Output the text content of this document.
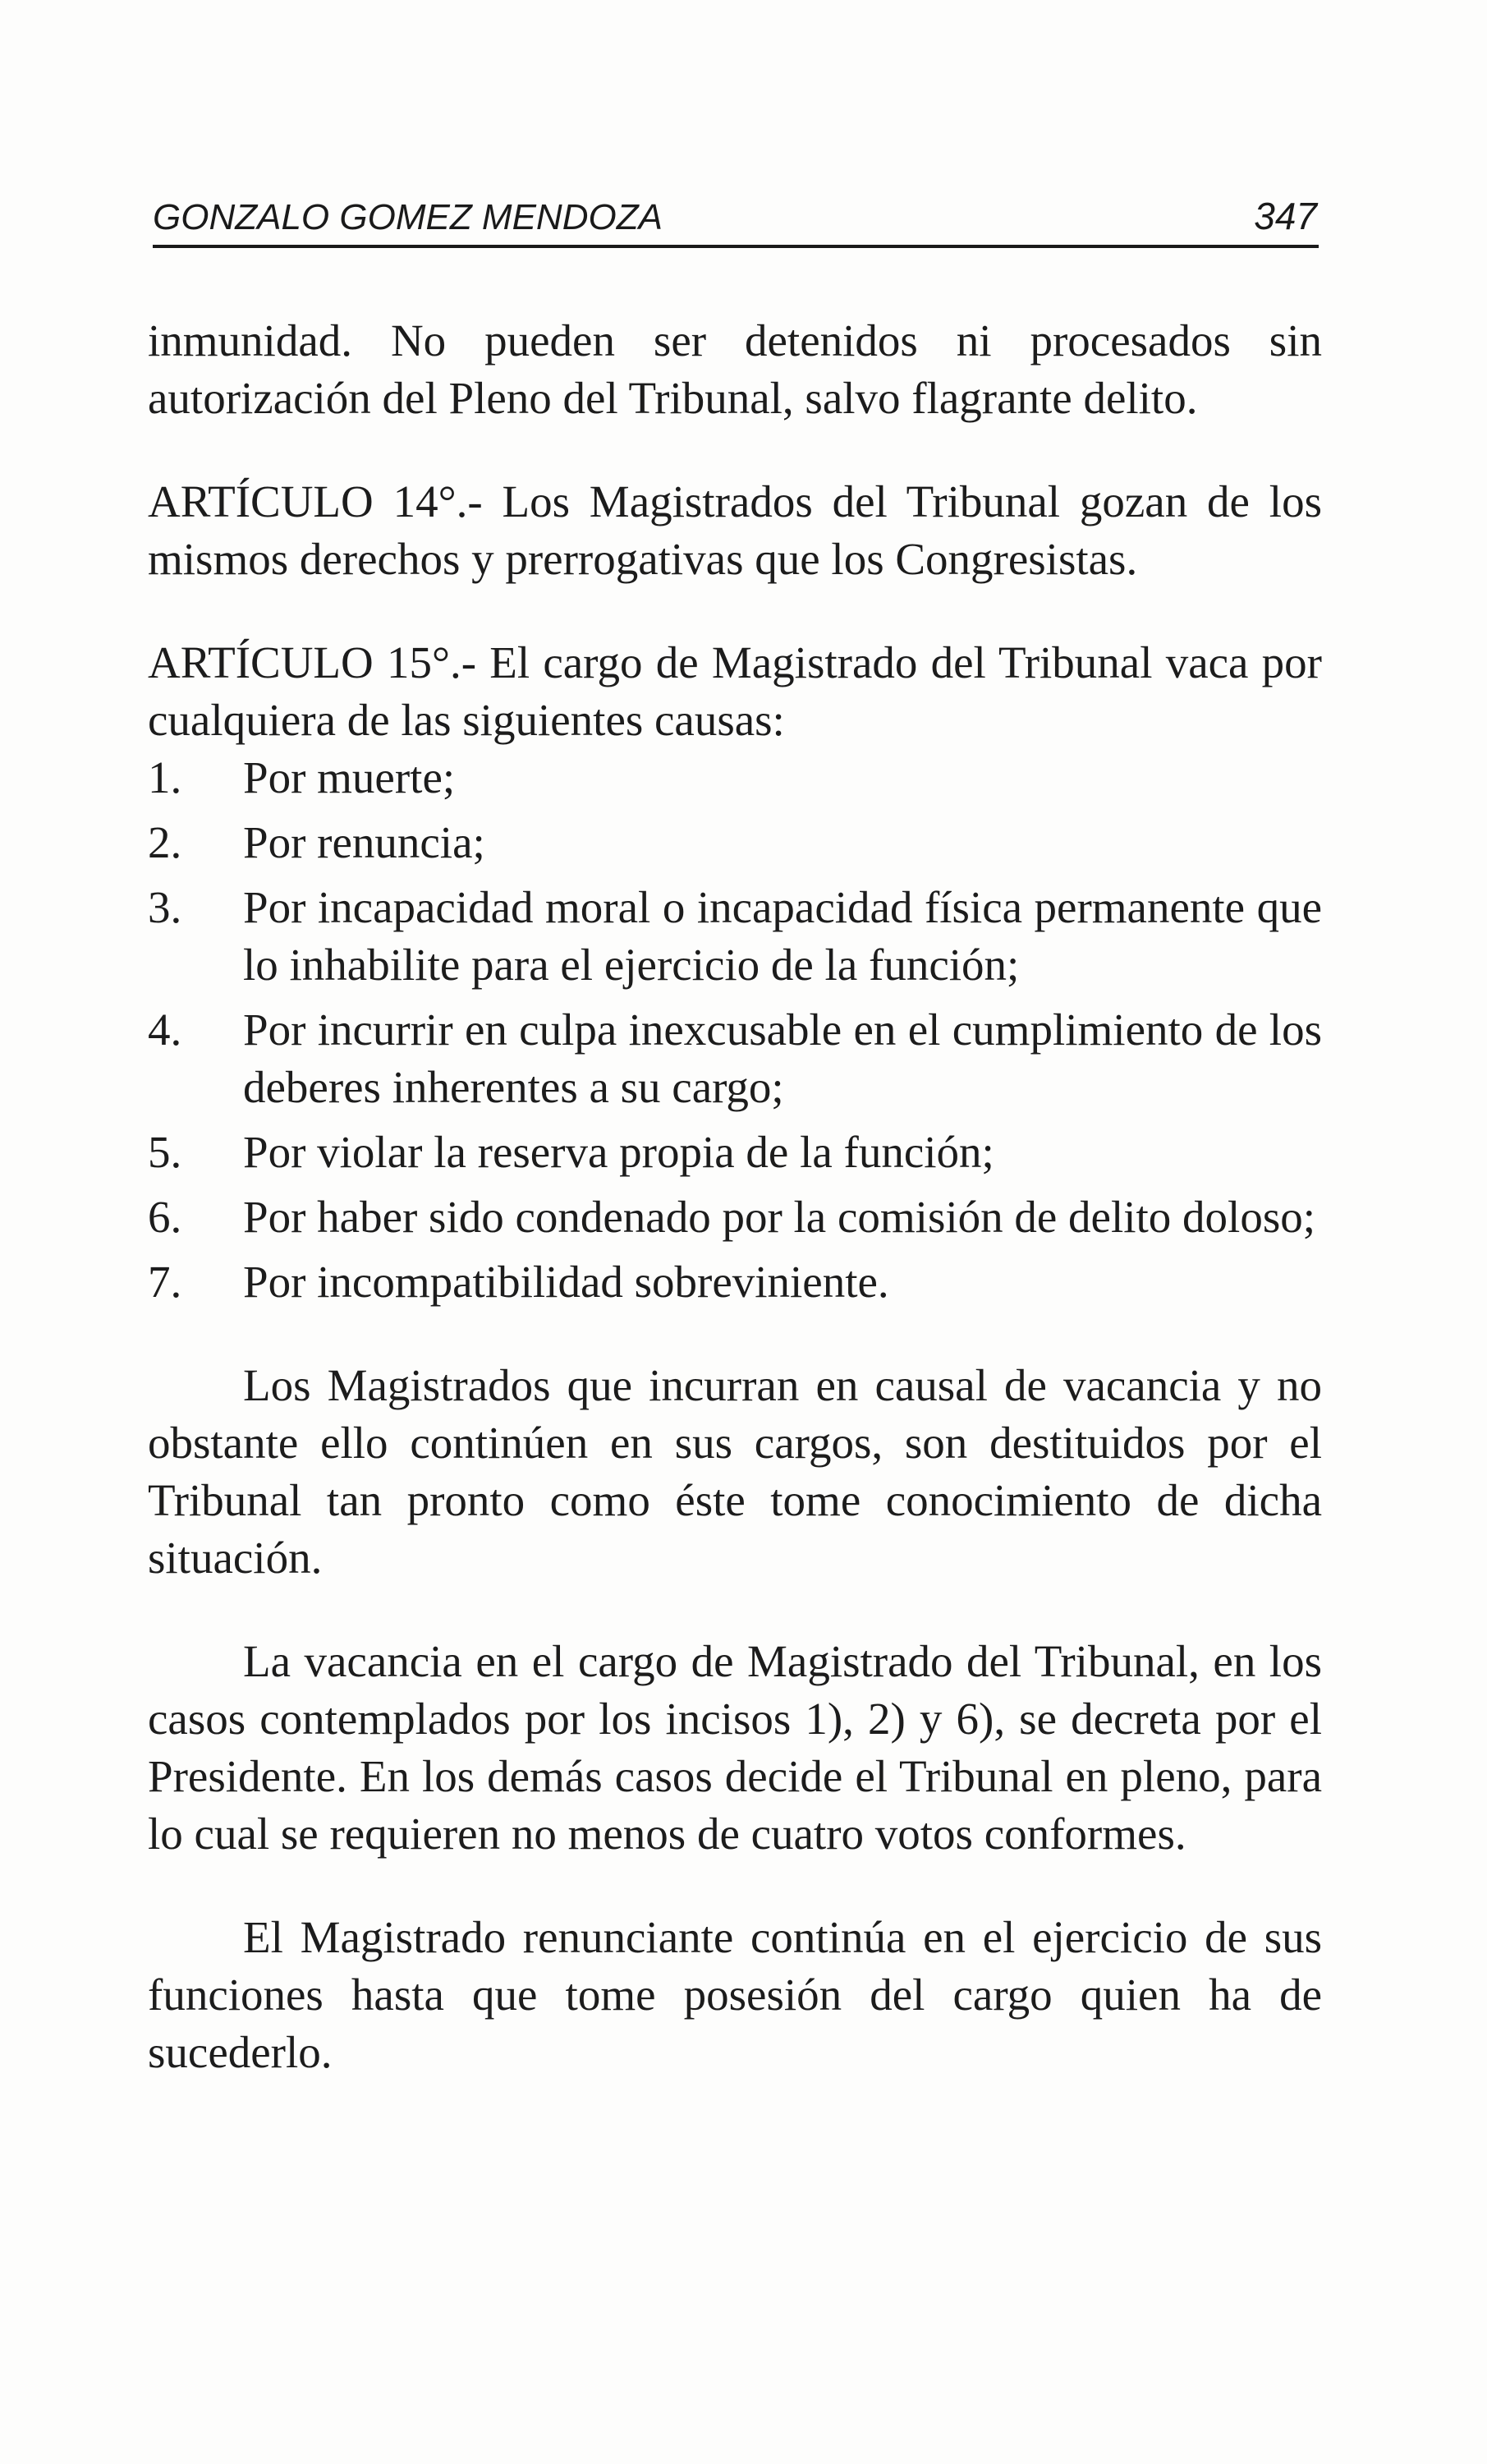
GONZALO GOMEZ MENDOZA	347

inmunidad. No pueden ser detenidos ni procesados sin autorización del Pleno del Tribunal, salvo flagrante delito.

ARTÍCULO 14°.- Los Magistrados del Tribunal gozan de los mismos derechos y prerrogativas que los Congresistas.

ARTÍCULO 15°.- El cargo de Magistrado del Tribunal vaca por cualquiera de las siguientes causas:

1. Por muerte;
2. Por renuncia;
3. Por incapacidad moral o incapacidad física permanente que lo inhabilite para el ejercicio de la función;
4. Por incurrir en culpa inexcusable en el cumplimiento de los deberes inherentes a su cargo;
5. Por violar la reserva propia de la función;
6. Por haber sido condenado por la comisión de delito doloso;
7. Por incompatibilidad sobreviniente.

Los Magistrados que incurran en causal de vacancia y no obstante ello continúen en sus cargos, son destituidos por el Tribunal tan pronto como éste tome conocimiento de dicha situación.

La vacancia en el cargo de Magistrado del Tribunal, en los casos contemplados por los incisos 1), 2) y 6), se decreta por el Presidente. En los demás casos decide el Tribunal en pleno, para lo cual se requieren no menos de cuatro votos conformes.

El Magistrado renunciante continúa en el ejercicio de sus funciones hasta que tome posesión del cargo quien ha de sucederlo.
